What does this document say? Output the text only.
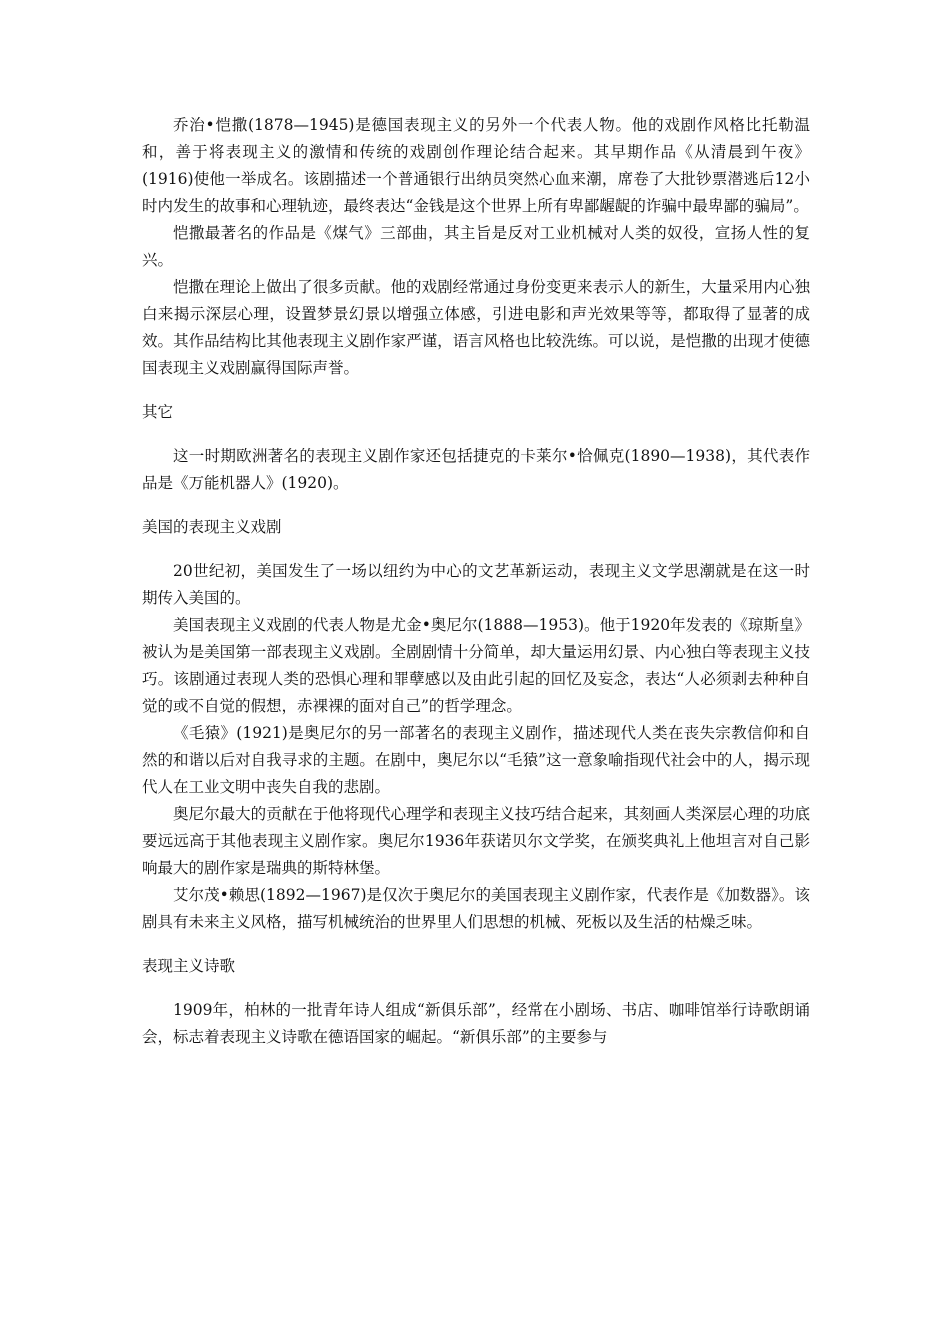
乔治•恺撒(1878—1945)是德国表现主义的另外一个代表人物。他的戏剧作风格比托勒温和，善于将表现主义的激情和传统的戏剧创作理论结合起来。其早期作品《从清晨到午夜》(1916)使他一举成名。该剧描述一个普通银行出纳员突然心血来潮，席卷了大批钞票潜逃后12小时内发生的故事和心理轨迹，最终表达“金钱是这个世界上所有卑鄙龌龊的诈骗中最卑鄙的骗局”。

恺撒最著名的作品是《煤气》三部曲，其主旨是反对工业机械对人类的奴役，宣扬人性的复兴。

恺撒在理论上做出了很多贡献。他的戏剧经常通过身份变更来表示人的新生，大量采用内心独白来揭示深层心理，设置梦景幻景以增强立体感，引进电影和声光效果等等，都取得了显著的成效。其作品结构比其他表现主义剧作家严谨，语言风格也比较洗练。可以说，是恺撒的出现才使德国表现主义戏剧赢得国际声誉。

其它

这一时期欧洲著名的表现主义剧作家还包括捷克的卡莱尔•恰佩克(1890—1938)，其代表作品是《万能机器人》(1920)。

美国的表现主义戏剧

20世纪初，美国发生了一场以纽约为中心的文艺革新运动，表现主义文学思潮就是在这一时期传入美国的。

美国表现主义戏剧的代表人物是尤金•奥尼尔(1888—1953)。他于1920年发表的《琼斯皇》被认为是美国第一部表现主义戏剧。全剧剧情十分简单，却大量运用幻景、内心独白等表现主义技巧。该剧通过表现人类的恐惧心理和罪孽感以及由此引起的回忆及妄念，表达“人必须剥去种种自觉的或不自觉的假想，赤裸裸的面对自己”的哲学理念。

《毛猿》(1921)是奥尼尔的另一部著名的表现主义剧作，描述现代人类在丧失宗教信仰和自然的和谐以后对自我寻求的主题。在剧中，奥尼尔以“毛猿”这一意象喻指现代社会中的人，揭示现代人在工业文明中丧失自我的悲剧。

奥尼尔最大的贡献在于他将现代心理学和表现主义技巧结合起来，其刻画人类深层心理的功底要远远高于其他表现主义剧作家。奥尼尔1936年获诺贝尔文学奖，在颁奖典礼上他坦言对自己影响最大的剧作家是瑞典的斯特林堡。

艾尔茂•赖思(1892—1967)是仅次于奥尼尔的美国表现主义剧作家，代表作是《加数器》。该剧具有未来主义风格，描写机械统治的世界里人们思想的机械、死板以及生活的枯燥乏味。

表现主义诗歌

1909年，柏林的一批青年诗人组成“新俱乐部”，经常在小剧场、书店、咖啡馆举行诗歌朗诵会，标志着表现主义诗歌在德语国家的崛起。“新俱乐部”的主要参与
